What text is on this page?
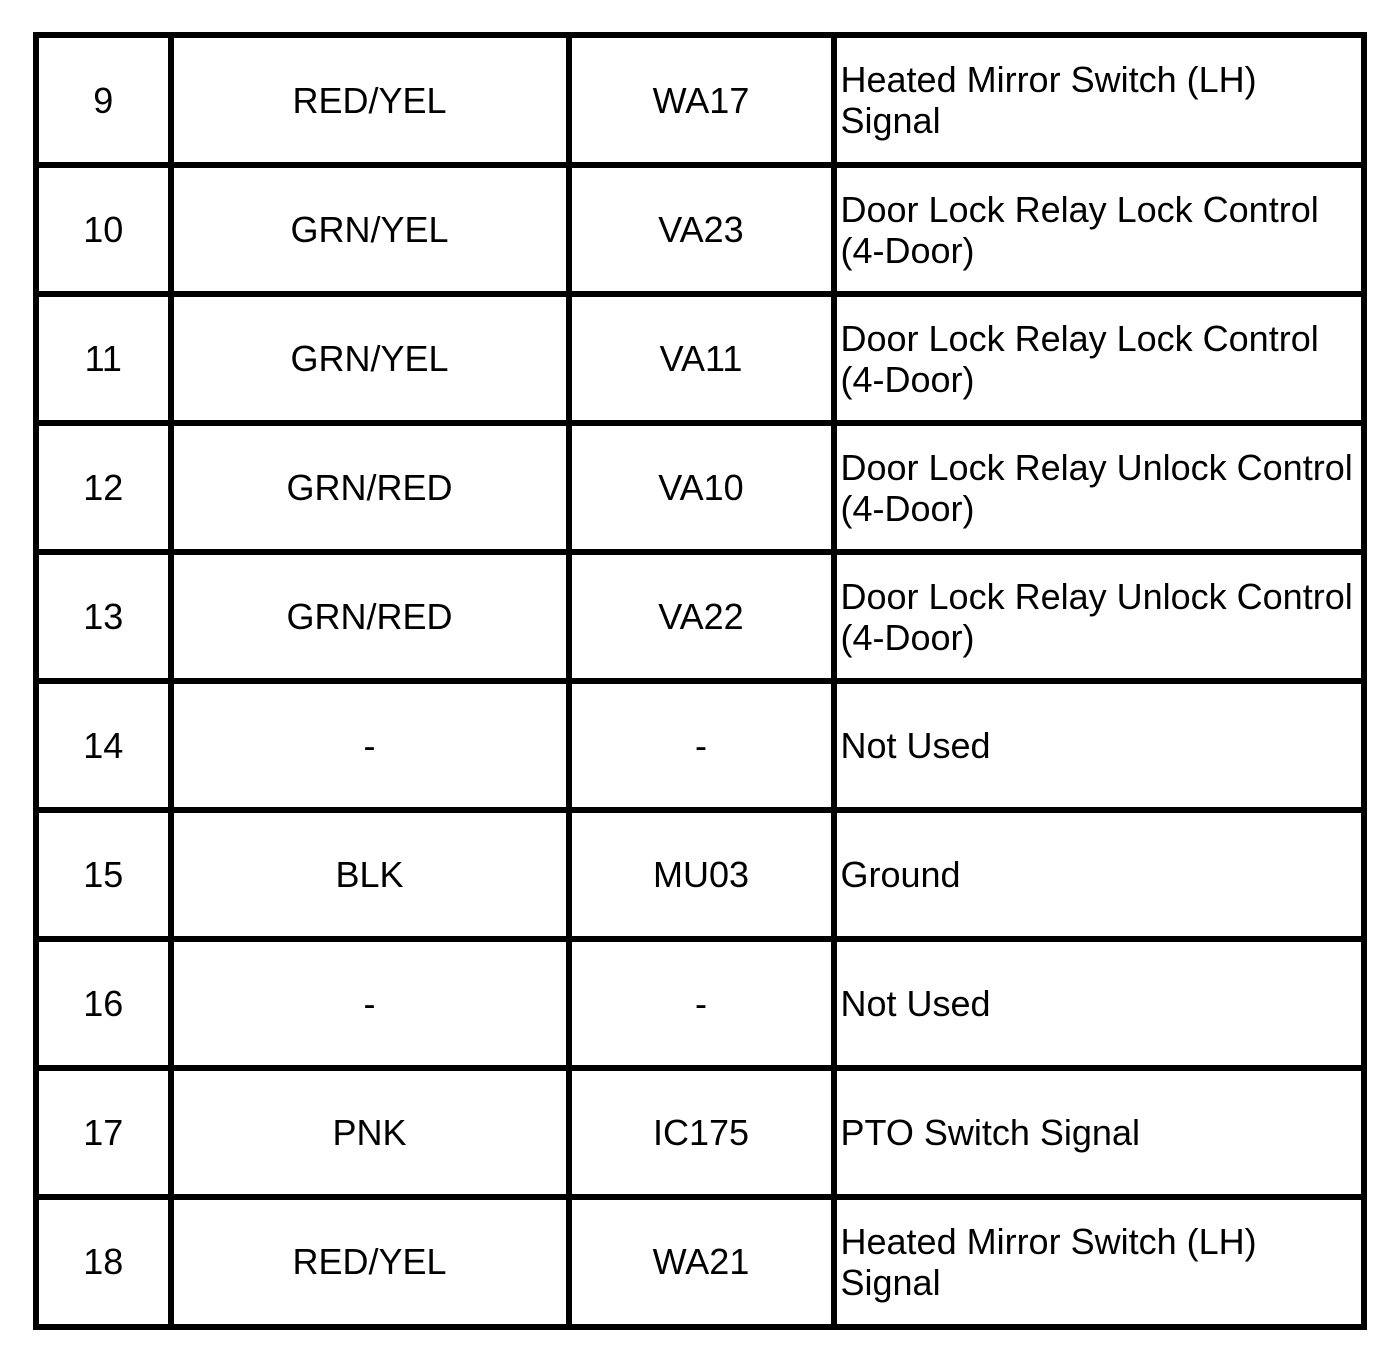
9	RED/YEL	WA17	Heated Mirror Switch (LH) Signal
10	GRN/YEL	VA23	Door Lock Relay Lock Control (4-Door)
11	GRN/YEL	VA11	Door Lock Relay Lock Control (4-Door)
12	GRN/RED	VA10	Door Lock Relay Unlock Control (4-Door)
13	GRN/RED	VA22	Door Lock Relay Unlock Control (4-Door)
14	-	-	Not Used
15	BLK	MU03	Ground
16	-	-	Not Used
17	PNK	IC175	PTO Switch Signal
18	RED/YEL	WA21	Heated Mirror Switch (LH) Signal
